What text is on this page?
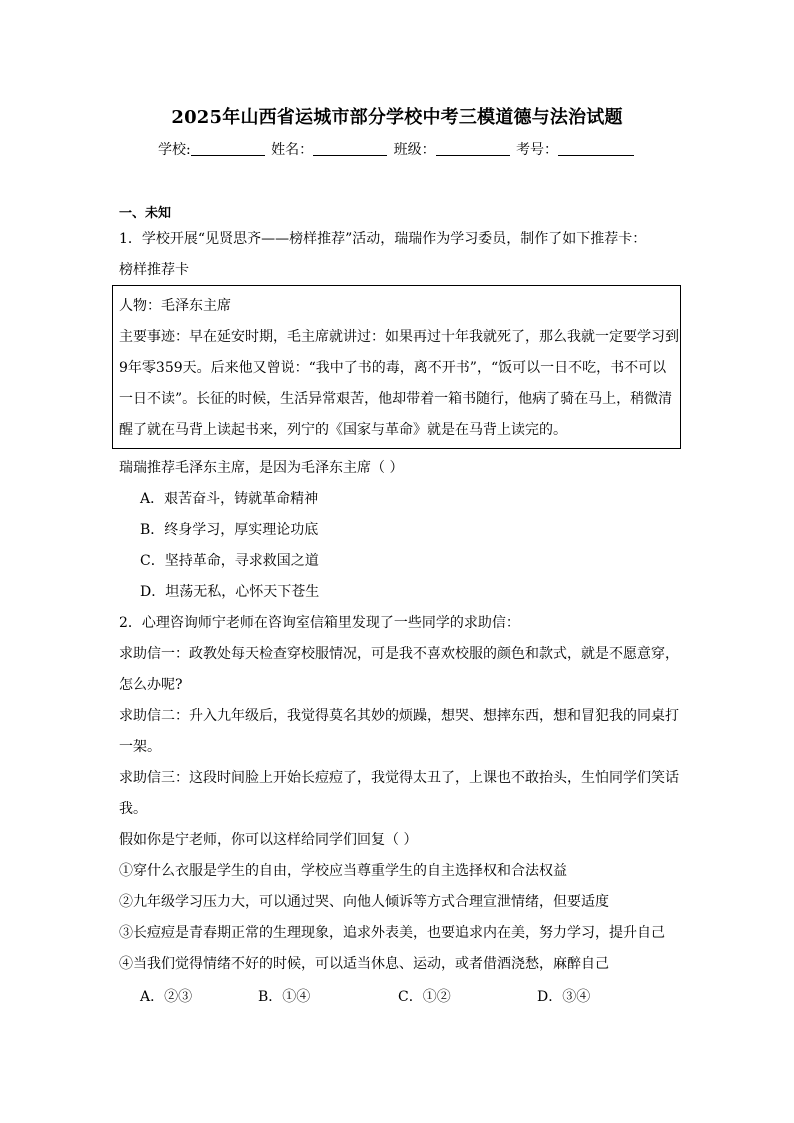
2025年山西省运城市部分学校中考三模道德与法治试题
学校:	姓名：	班级：	考号：
一、未知
1．学校开展“见贤思齐——榜样推荐”活动，瑞瑞作为学习委员，制作了如下推荐卡：
榜样推荐卡
人物：毛泽东主席
主要事迹：早在延安时期，毛主席就讲过：如果再过十年我就死了，那么我就一定要学习到
9年零359天。后来他又曾说：“我中了书的毒，离不开书”，“饭可以一日不吃，书不可以
一日不读”。长征的时候，生活异常艰苦，他却带着一箱书随行，他病了骑在马上，稍微清
醒了就在马背上读起书来，列宁的《国家与革命》就是在马背上读完的。
瑞瑞推荐毛泽东主席，是因为毛泽东主席（ ）
A．艰苦奋斗，铸就革命精神
B．终身学习，厚实理论功底
C．坚持革命，寻求救国之道
D．坦荡无私，心怀天下苍生
2．心理咨询师宁老师在咨询室信箱里发现了一些同学的求助信：
求助信一：政教处每天检查穿校服情况，可是我不喜欢校服的颜色和款式，就是不愿意穿，
怎么办呢?
求助信二：升入九年级后，我觉得莫名其妙的烦躁，想哭、想摔东西，想和冒犯我的同桌打
一架。
求助信三：这段时间脸上开始长痘痘了，我觉得太丑了，上课也不敢抬头，生怕同学们笑话
我。
假如你是宁老师，你可以这样给同学们回复（ ）
①穿什么衣服是学生的自由，学校应当尊重学生的自主选择权和合法权益
②九年级学习压力大，可以通过哭、向他人倾诉等方式合理宣泄情绪，但要适度
③长痘痘是青春期正常的生理现象，追求外表美，也要追求内在美，努力学习，提升自己
④当我们觉得情绪不好的时候，可以适当休息、运动，或者借酒浇愁，麻醉自己
A．②③	B．①④	C．①②	D．③④
